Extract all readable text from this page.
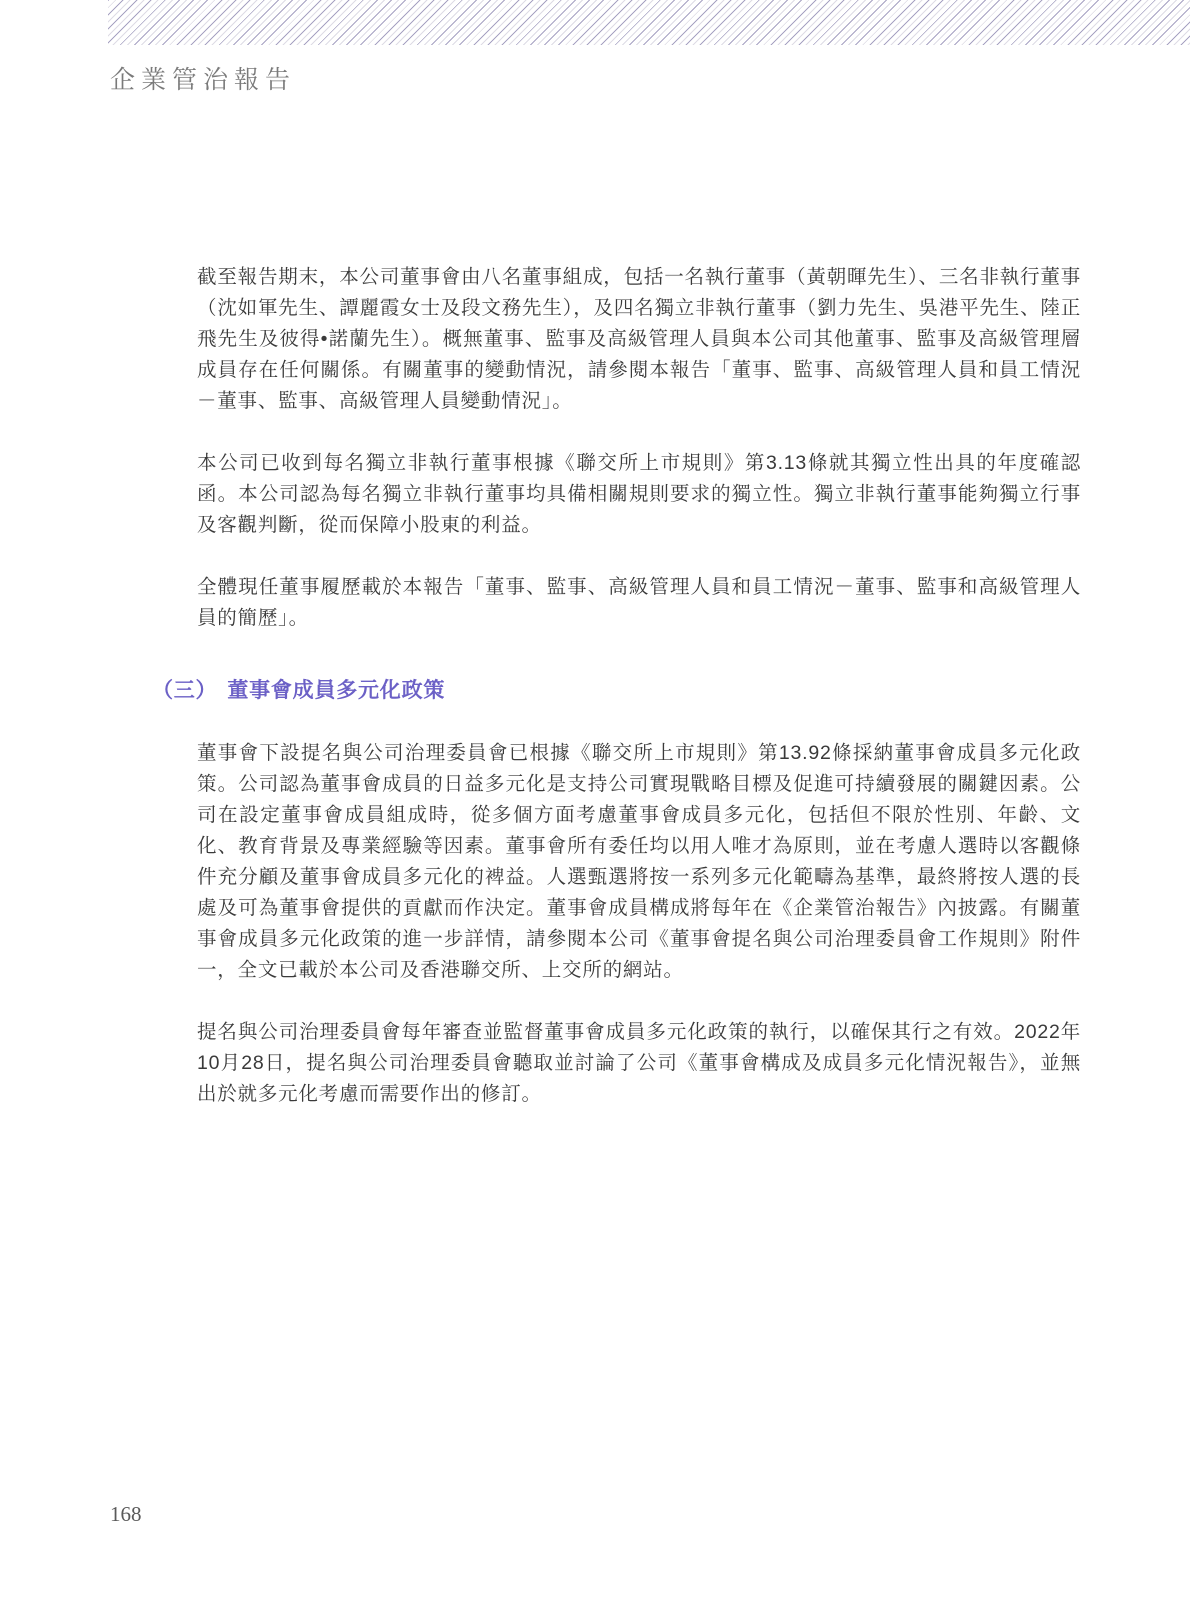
企業管治報告

截至報告期末，本公司董事會由八名董事組成，包括一名執行董事（黃朝暉先生）、三名非執行董事（沈如軍先生、譚麗霞女士及段文務先生），及四名獨立非執行董事（劉力先生、吳港平先生、陸正飛先生及彼得•諾蘭先生）。概無董事、監事及高級管理人員與本公司其他董事、監事及高級管理層成員存在任何關係。有關董事的變動情況，請參閱本報告「董事、監事、高級管理人員和員工情況－董事、監事、高級管理人員變動情況」。

本公司已收到每名獨立非執行董事根據《聯交所上市規則》第3.13條就其獨立性出具的年度確認函。本公司認為每名獨立非執行董事均具備相關規則要求的獨立性。獨立非執行董事能夠獨立行事及客觀判斷，從而保障小股東的利益。

全體現任董事履歷載於本報告「董事、監事、高級管理人員和員工情況－董事、監事和高級管理人員的簡歷」。

（三） 董事會成員多元化政策

董事會下設提名與公司治理委員會已根據《聯交所上市規則》第13.92條採納董事會成員多元化政策。公司認為董事會成員的日益多元化是支持公司實現戰略目標及促進可持續發展的關鍵因素。公司在設定董事會成員組成時，從多個方面考慮董事會成員多元化，包括但不限於性別、年齡、文化、教育背景及專業經驗等因素。董事會所有委任均以用人唯才為原則，並在考慮人選時以客觀條件充分顧及董事會成員多元化的裨益。人選甄選將按一系列多元化範疇為基準，最終將按人選的長處及可為董事會提供的貢獻而作決定。董事會成員構成將每年在《企業管治報告》內披露。有關董事會成員多元化政策的進一步詳情，請參閱本公司《董事會提名與公司治理委員會工作規則》附件一，全文已載於本公司及香港聯交所、上交所的網站。

提名與公司治理委員會每年審查並監督董事會成員多元化政策的執行，以確保其行之有效。2022年10月28日，提名與公司治理委員會聽取並討論了公司《董事會構成及成員多元化情況報告》，並無出於就多元化考慮而需要作出的修訂。

168
